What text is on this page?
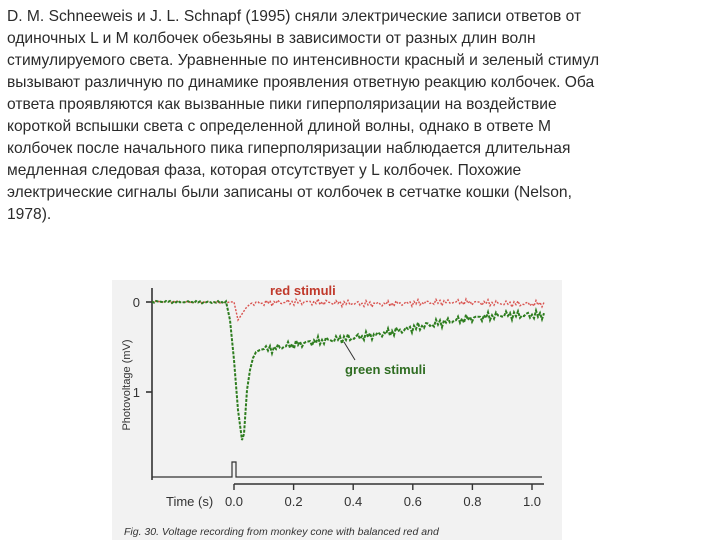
D. M. Schneeweis и J. L. Schnapf (1995) сняли электрические записи ответов от
одиночных L и M колбочек обезьяны в зависимости от разных длин волн
стимулируемого света. Уравненные по интенсивности красный и зеленый стимул
вызывают различную по динамике проявления ответную реакцию колбочек. Оба
ответа проявляются как вызванные пики гиперполяризации на воздействие
короткой вспышки света с определенной длиной волны, однако в ответе М
колбочек после начального пика гиперполяризации наблюдается длительная
медленная следовая фаза, которая отсутствует у L колбочек. Похожие
электрические сигналы были записаны от колбочек в сетчатке кошки (Nelson,
1978).
0
1
Photovoltage (mV)
0.0	0.2	0.4	0.6	0.8	1.0
Time (s)
red stimuli
green stimuli
Fig. 30. Voltage recording from monkey cone with balanced red and
